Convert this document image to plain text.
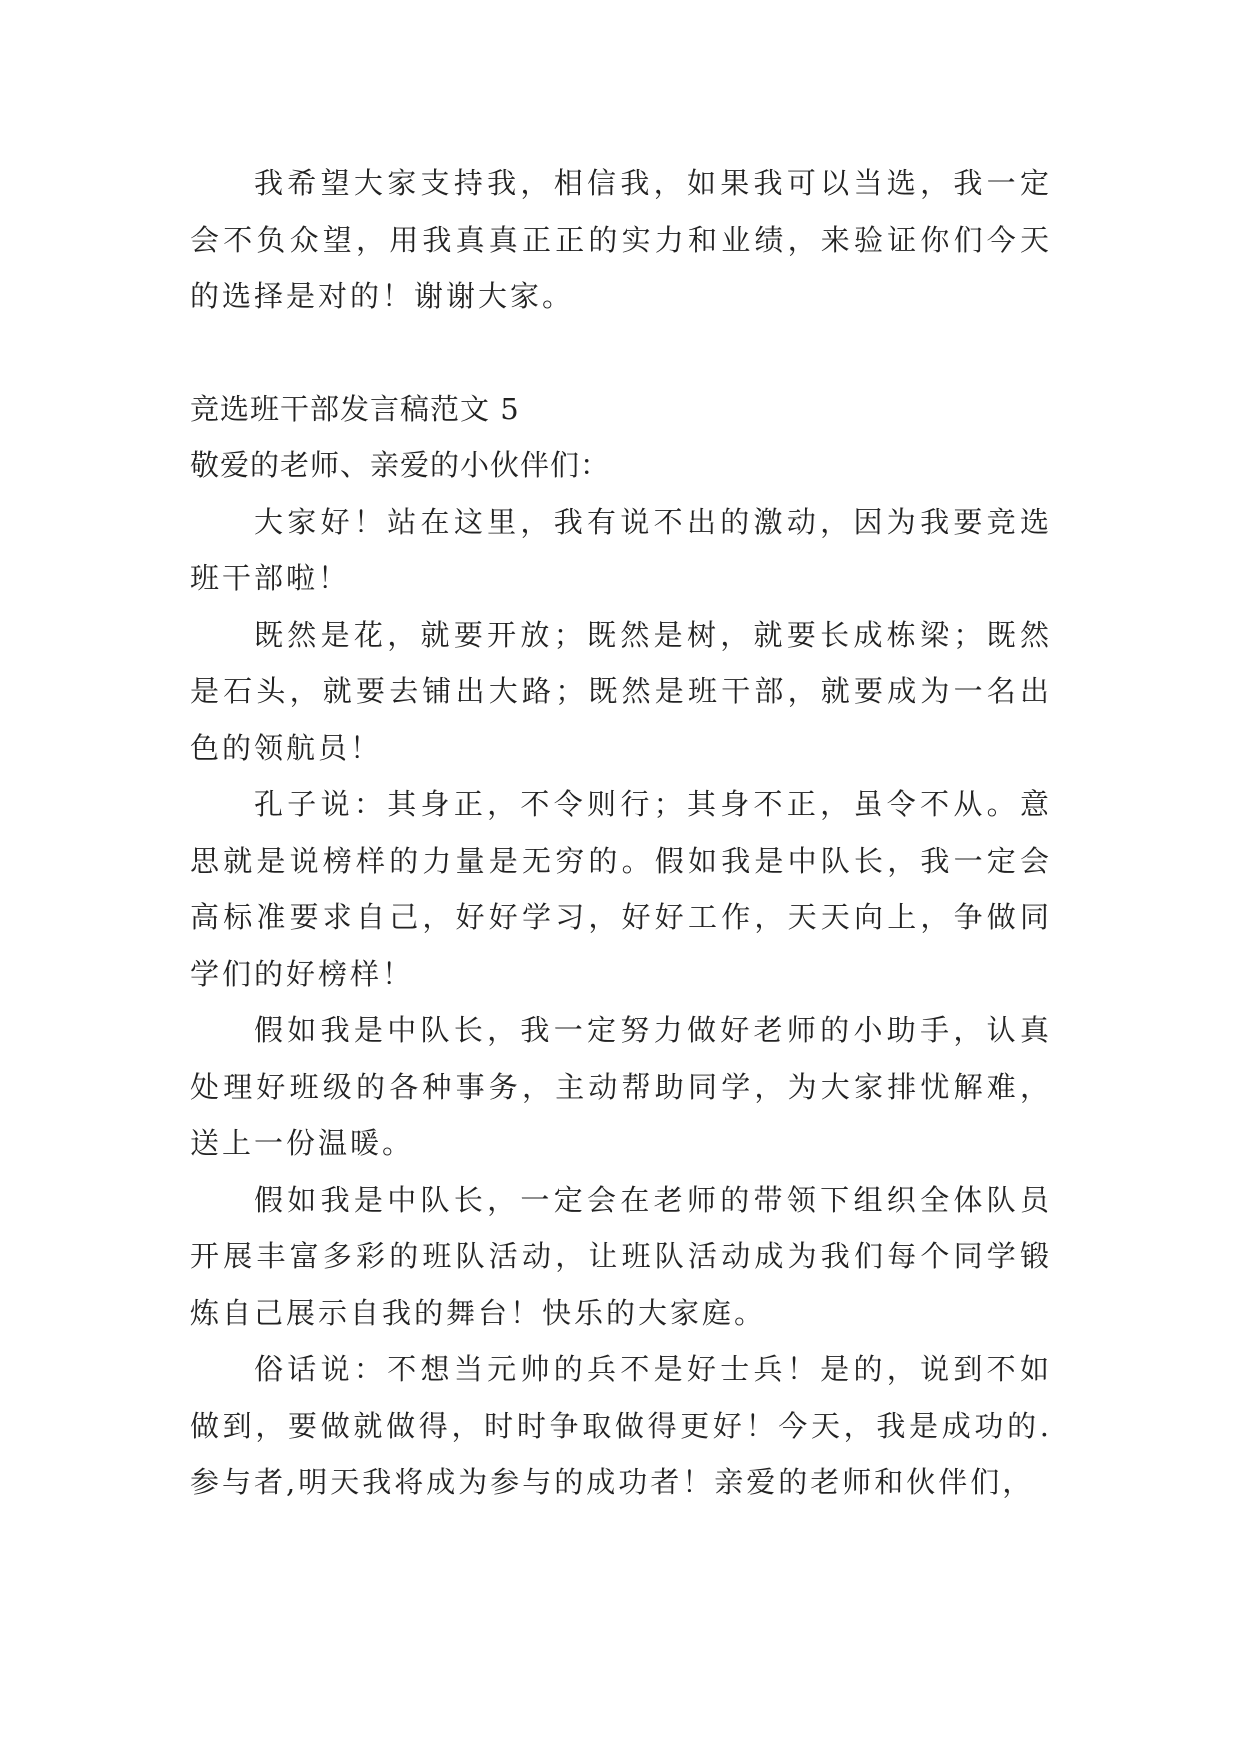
我希望大家支持我，相信我，如果我可以当选，我一定会不负众望，用我真真正正的实力和业绩，来验证你们今天的选择是对的！谢谢大家。

竞选班干部发言稿范文 5

敬爱的老师、亲爱的小伙伴们：

大家好！站在这里，我有说不出的激动，因为我要竞选班干部啦！

既然是花，就要开放；既然是树，就要长成栋梁；既然是石头，就要去铺出大路；既然是班干部，就要成为一名出色的领航员！

孔子说：其身正，不令则行；其身不正，虽令不从。意思就是说榜样的力量是无穷的。假如我是中队长，我一定会高标准要求自己，好好学习，好好工作，天天向上，争做同学们的好榜样！

假如我是中队长，我一定努力做好老师的小助手，认真处理好班级的各种事务，主动帮助同学，为大家排忧解难，送上一份温暖。

假如我是中队长，一定会在老师的带领下组织全体队员开展丰富多彩的班队活动，让班队活动成为我们每个同学锻炼自己展示自我的舞台！快乐的大家庭。

俗话说：不想当元帅的兵不是好士兵！是的，说到不如做到，要做就做得，时时争取做得更好！今天，我是成功的.参与者,明天我将成为参与的成功者！亲爱的老师和伙伴们，
